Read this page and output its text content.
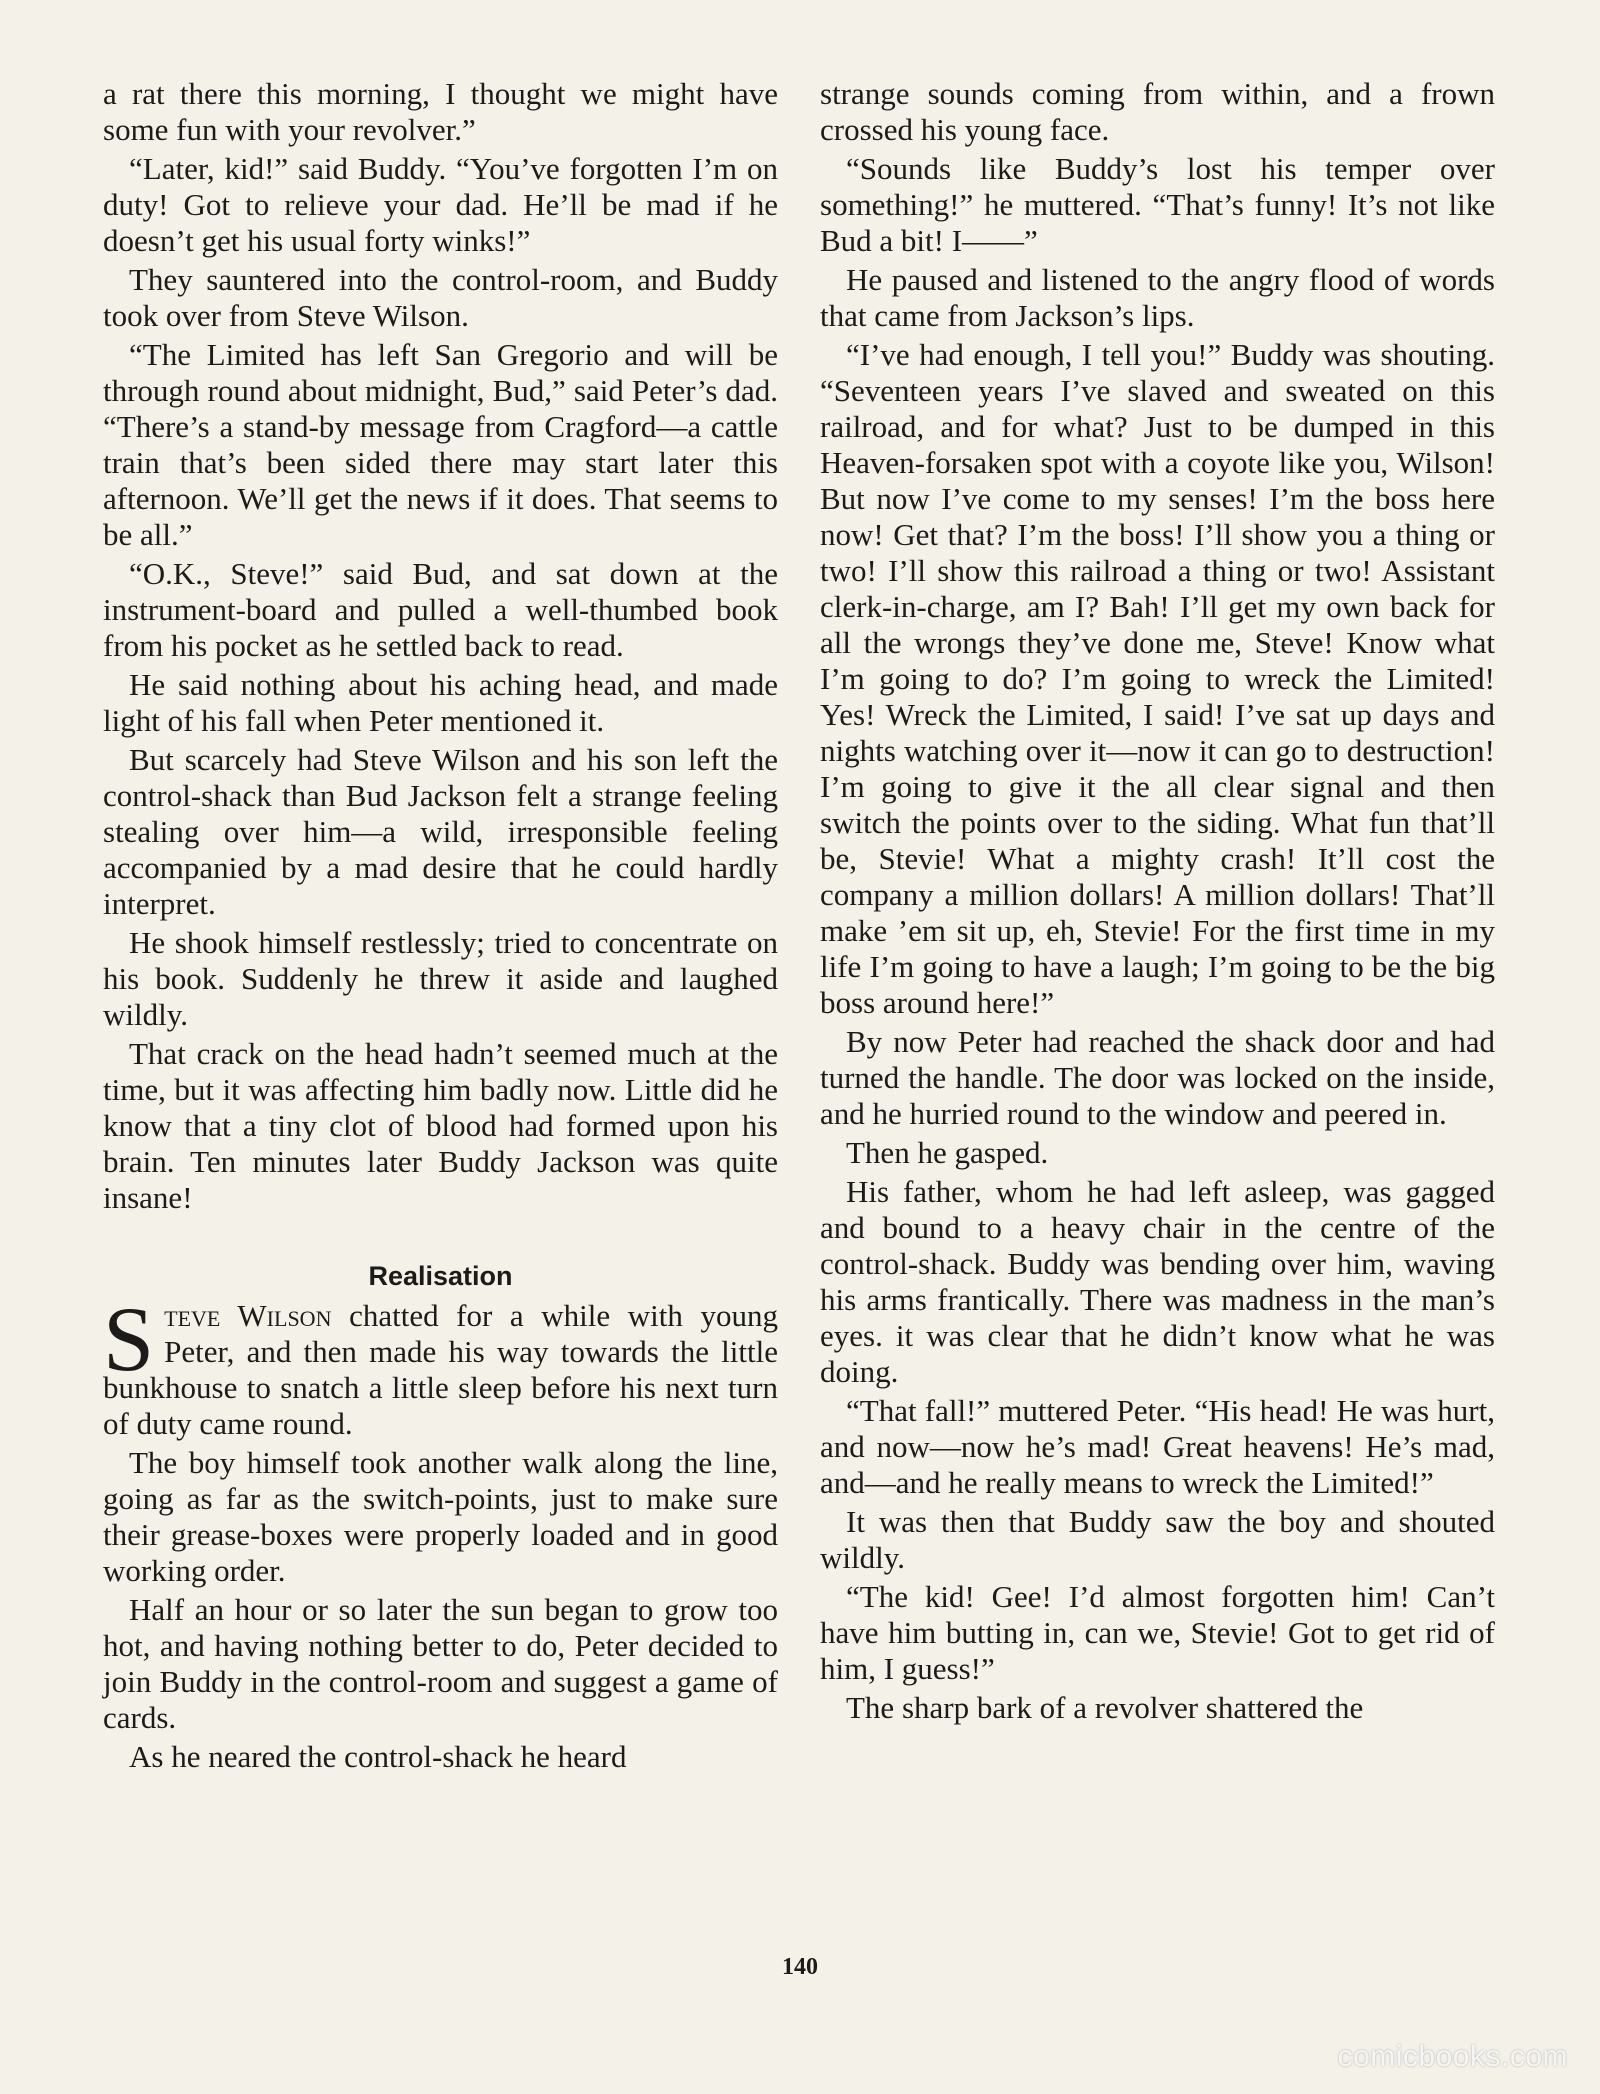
a rat there this morning, I thought we might have some fun with your revolver.”

“Later, kid!” said Buddy. “You’ve forgotten I’m on duty! Got to relieve your dad. He’ll be mad if he doesn’t get his usual forty winks!”

They sauntered into the control-room, and Buddy took over from Steve Wilson.

“The Limited has left San Gregorio and will be through round about midnight, Bud,” said Peter’s dad. “There’s a stand-by message from Cragford—a cattle train that’s been sided there may start later this afternoon. We’ll get the news if it does. That seems to be all.”

“O.K., Steve!” said Bud, and sat down at the instrument-board and pulled a well-thumbed book from his pocket as he settled back to read.

He said nothing about his aching head, and made light of his fall when Peter mentioned it.

But scarcely had Steve Wilson and his son left the control-shack than Bud Jackson felt a strange feeling stealing over him—a wild, irresponsible feeling accompanied by a mad desire that he could hardly interpret.

He shook himself restlessly; tried to concentrate on his book. Suddenly he threw it aside and laughed wildly.

That crack on the head hadn’t seemed much at the time, but it was affecting him badly now. Little did he know that a tiny clot of blood had formed upon his brain. Ten minutes later Buddy Jackson was quite insane!

Realisation

Steve Wilson chatted for a while with young Peter, and then made his way towards the little bunkhouse to snatch a little sleep before his next turn of duty came round.

The boy himself took another walk along the line, going as far as the switch-points, just to make sure their grease-boxes were properly loaded and in good working order.

Half an hour or so later the sun began to grow too hot, and having nothing better to do, Peter decided to join Buddy in the control-room and suggest a game of cards.

As he neared the control-shack he heard

strange sounds coming from within, and a frown crossed his young face.

“Sounds like Buddy’s lost his temper over something!” he muttered. “That’s funny! It’s not like Bud a bit! I——”

He paused and listened to the angry flood of words that came from Jackson’s lips.

“I’ve had enough, I tell you!” Buddy was shouting. “Seventeen years I’ve slaved and sweated on this railroad, and for what? Just to be dumped in this Heaven-forsaken spot with a coyote like you, Wilson! But now I’ve come to my senses! I’m the boss here now! Get that? I’m the boss! I’ll show you a thing or two! I’ll show this railroad a thing or two! Assistant clerk-in-charge, am I? Bah! I’ll get my own back for all the wrongs they’ve done me, Steve! Know what I’m going to do? I’m going to wreck the Limited! Yes! Wreck the Limited, I said! I’ve sat up days and nights watching over it—now it can go to destruction! I’m going to give it the all clear signal and then switch the points over to the siding. What fun that’ll be, Stevie! What a mighty crash! It’ll cost the company a million dollars! A million dollars! That’ll make ’em sit up, eh, Stevie! For the first time in my life I’m going to have a laugh; I’m going to be the big boss around here!”

By now Peter had reached the shack door and had turned the handle. The door was locked on the inside, and he hurried round to the window and peered in.

Then he gasped.

His father, whom he had left asleep, was gagged and bound to a heavy chair in the centre of the control-shack. Buddy was bending over him, waving his arms frantically. There was madness in the man’s eyes. it was clear that he didn’t know what he was doing.

“That fall!” muttered Peter. “His head! He was hurt, and now—now he’s mad! Great heavens! He’s mad, and—and he really means to wreck the Limited!”

It was then that Buddy saw the boy and shouted wildly.

“The kid! Gee! I’d almost forgotten him! Can’t have him butting in, can we, Stevie! Got to get rid of him, I guess!”

The sharp bark of a revolver shattered the

140
comicbooks.com
